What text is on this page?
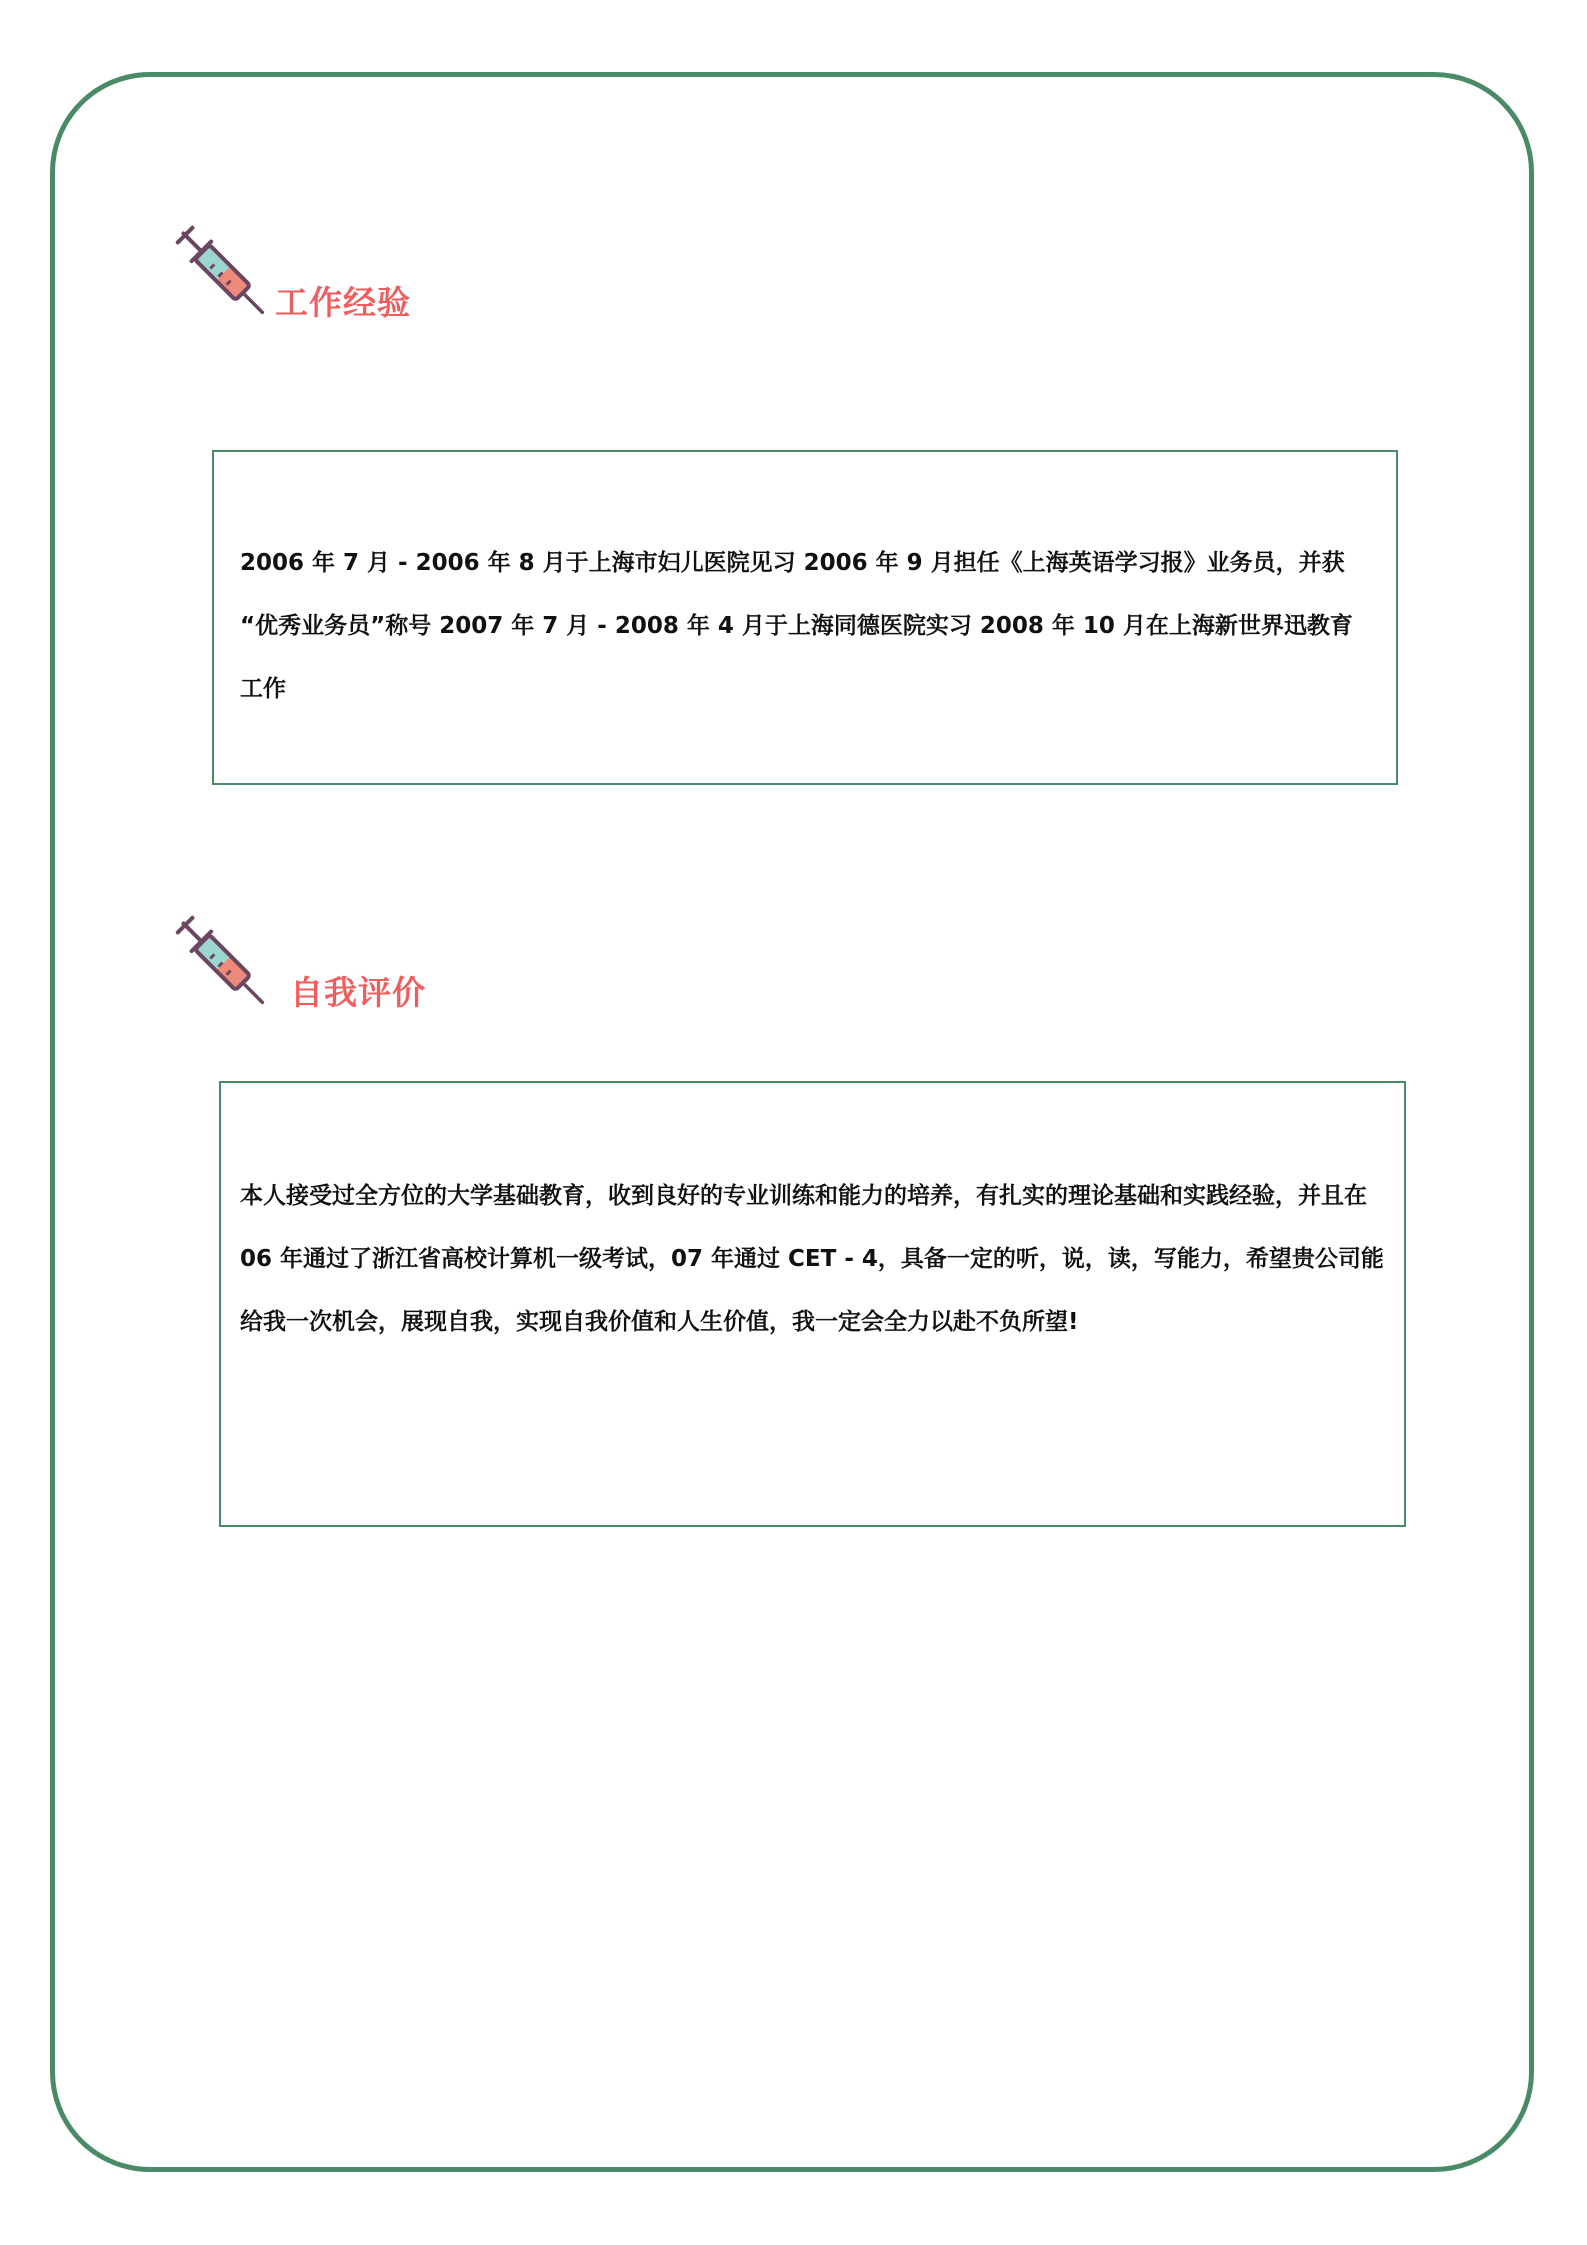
工作经验

2006 年 7 月 - 2006 年 8 月于上海市妇儿医院见习 2006 年 9 月担任《上海英语学习报》业务员，并获 “优秀业务员”称号 2007 年 7 月 - 2008 年 4 月于上海同德医院实习 2008 年 10 月在上海新世界迅教育工作

自我评价

本人接受过全方位的大学基础教育，收到良好的专业训练和能力的培养，有扎实的理论基础和实践经验，并且在 06 年通过了浙江省高校计算机一级考试，07 年通过 CET - 4，具备一定的听，说，读，写能力，希望贵公司能给我一次机会，展现自我，实现自我价值和人生价值，我一定会全力以赴不负所望!
